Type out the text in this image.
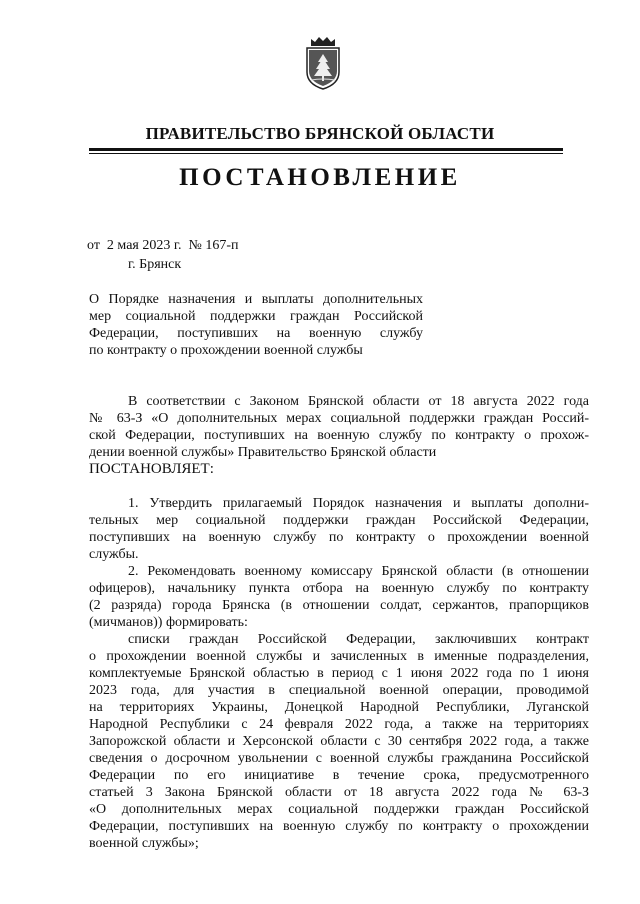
ПРАВИТЕЛЬСТВО БРЯНСКОЙ ОБЛАСТИ
ПОСТАНОВЛЕНИЕ
от  2 мая 2023 г.  № 167-п
г. Брянск
О Порядке назначения и выплаты дополнительных
мер социальной поддержки граждан Российской
Федерации, поступивших на военную службу
по контракту о прохождении военной службы
В соответствии с Законом Брянской области от 18 августа 2022 года
№ 63-З «О дополнительных мерах социальной поддержки граждан Россий-
ской Федерации, поступивших на военную службу по контракту о прохож-
дении военной службы» Правительство Брянской области
ПОСТАНОВЛЯЕТ:
1. Утвердить прилагаемый Порядок назначения и выплаты дополни-
тельных мер социальной поддержки граждан Российской Федерации,
поступивших на военную службу по контракту о прохождении военной
службы.
2. Рекомендовать военному комиссару Брянской области (в отношении
офицеров), начальнику пункта отбора на военную службу по контракту
(2 разряда) города Брянска (в отношении солдат, сержантов, прапорщиков
(мичманов)) формировать:
списки граждан Российской Федерации, заключивших контракт
о прохождении военной службы и зачисленных в именные подразделения,
комплектуемые Брянской областью в период с 1 июня 2022 года по 1 июня
2023 года, для участия в специальной военной операции, проводимой
на территориях Украины, Донецкой Народной Республики, Луганской
Народной Республики с 24 февраля 2022 года, а также на территориях
Запорожской области и Херсонской области с 30 сентября 2022 года, а также
сведения о досрочном увольнении с военной службы гражданина Российской
Федерации по его инициативе в течение срока, предусмотренного
статьей 3 Закона Брянской области от 18 августа 2022 года № 63-З
«О дополнительных мерах социальной поддержки граждан Российской
Федерации, поступивших на военную службу по контракту о прохождении
военной службы»;
